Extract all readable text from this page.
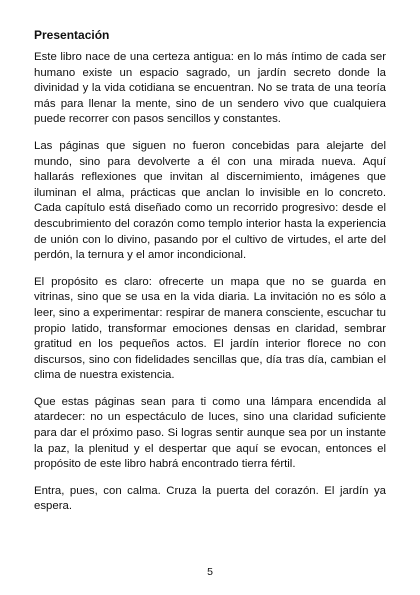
Presentación

Este libro nace de una certeza antigua: en lo más íntimo de cada ser humano existe un espacio sagrado, un jardín secreto donde la divinidad y la vida cotidiana se encuentran. No se trata de una teoría más para llenar la mente, sino de un sendero vivo que cualquiera puede recorrer con pasos sencillos y constantes.

Las páginas que siguen no fueron concebidas para alejarte del mundo, sino para devolverte a él con una mirada nueva. Aquí hallarás reflexiones que invitan al discernimiento, imágenes que iluminan el alma, prácticas que anclan lo invisible en lo concreto. Cada capítulo está diseñado como un recorrido progresivo: desde el descubrimiento del corazón como templo interior hasta la experiencia de unión con lo divino, pasando por el cultivo de virtudes, el arte del perdón, la ternura y el amor incondicional.

El propósito es claro: ofrecerte un mapa que no se guarda en vitrinas, sino que se usa en la vida diaria. La invitación no es sólo a leer, sino a experimentar: respirar de manera consciente, escuchar tu propio latido, transformar emociones densas en claridad, sembrar gratitud en los pequeños actos. El jardín interior florece no con discursos, sino con fidelidades sencillas que, día tras día, cambian el clima de nuestra existencia.

Que estas páginas sean para ti como una lámpara encendida al atardecer: no un espectáculo de luces, sino una claridad suficiente para dar el próximo paso. Si logras sentir aunque sea por un instante la paz, la plenitud y el despertar que aquí se evocan, entonces el propósito de este libro habrá encontrado tierra fértil.

Entra, pues, con calma. Cruza la puerta del corazón. El jardín ya espera.

5
